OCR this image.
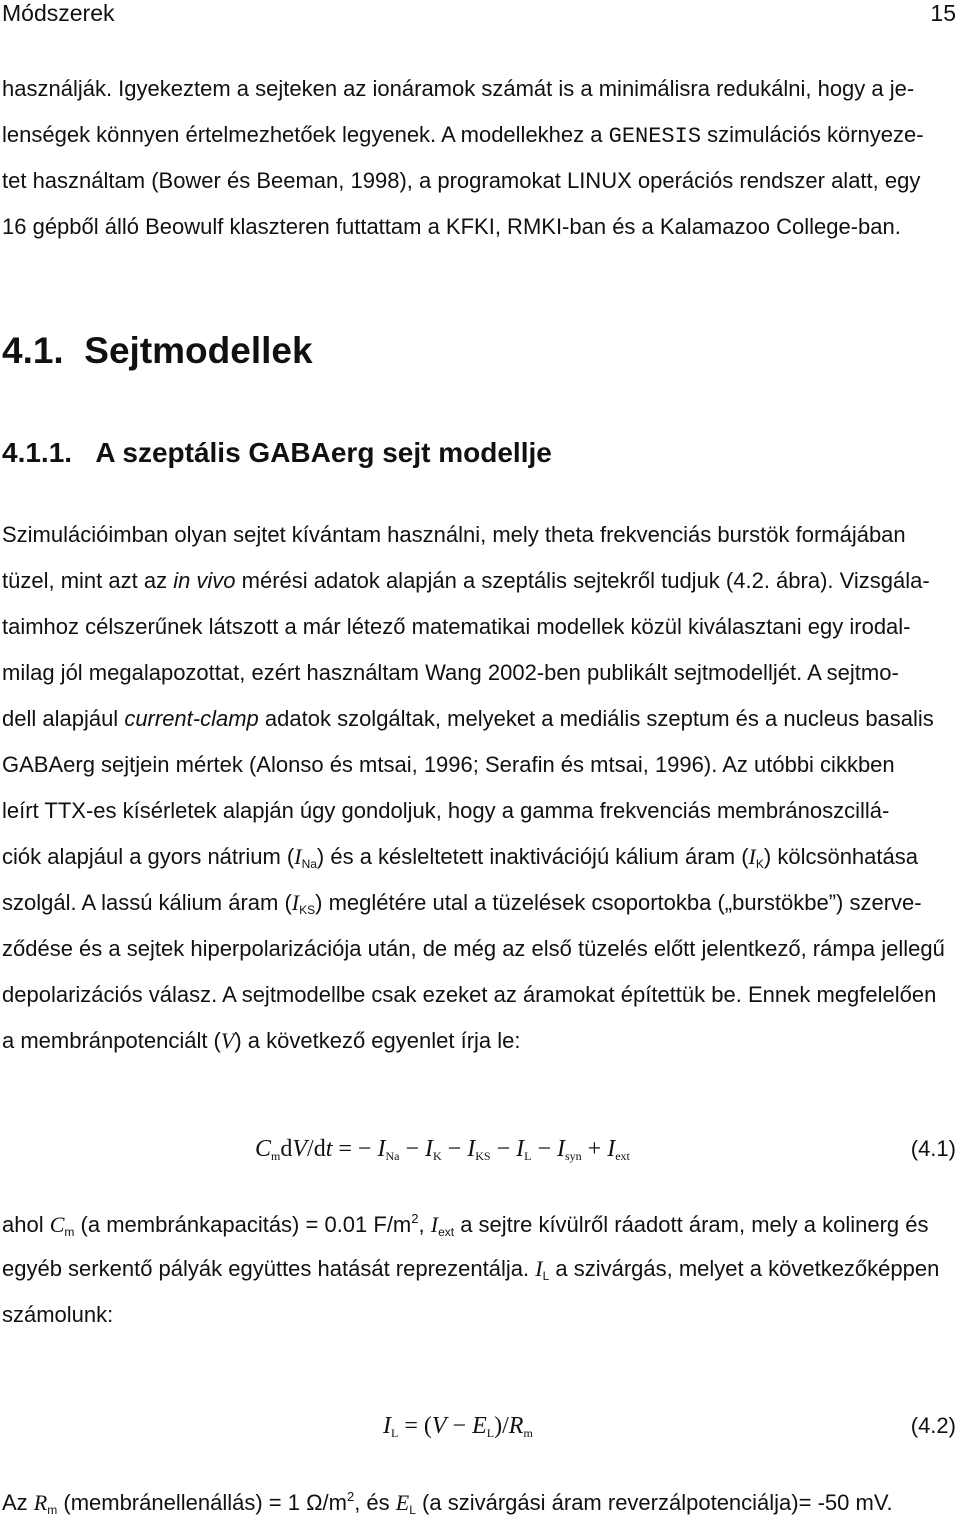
Módszerek	15
használják. Igyekeztem a sejteken az ionáramok számát is a minimálisra redukálni, hogy a je-
lenségek könnyen értelmezhetőek legyenek. A modellekhez a GENESIS szimulációs környeze-
tet használtam (Bower és Beeman, 1998), a programokat LINUX operációs rendszer alatt, egy
16 gépből álló Beowulf klaszteren futtattam a KFKI, RMKI-ban és a Kalamazoo College-ban.
4.1. Sejtmodellek
4.1.1. A szeptális GABAerg sejt modellje
Szimulációimban olyan sejtet kívántam használni, mely theta frekvenciás burstök formájában
tüzel, mint azt az in vivo mérési adatok alapján a szeptális sejtekről tudjuk (4.2. ábra). Vizsgála-
taimhoz célszerűnek látszott a már létező matematikai modellek közül kiválasztani egy irodal-
milag jól megalapozottat, ezért használtam Wang 2002-ben publikált sejtmodelljét. A sejtmo-
dell alapjául current-clamp adatok szolgáltak, melyeket a mediális szeptum és a nucleus basalis
GABAerg sejtjein mértek (Alonso és mtsai, 1996; Serafin és mtsai, 1996). Az utóbbi cikkben
leírt TTX-es kísérletek alapján úgy gondoljuk, hogy a gamma frekvenciás membránoszcillá-
ciók alapjául a gyors nátrium $(I_{Na})$ és a késleltetett inaktivációjú kálium áram $(I_K)$ kölcsönhatása
szolgál. A lassú kálium áram $(I_{KS})$ meglétére utal a tüzelések csoportokba („burstökbe”) szerve-
ződése és a sejtek hiperpolarizációja után, de még az első tüzelés előtt jelentkező, rámpa jellegű
depolarizációs válasz. A sejtmodellbe csak ezeket az áramokat építettük be. Ennek megfelelően
a membránpotenciált (V) a következő egyenlet írja le:
$C_mdV/dt$ = − $I_{Na} - I_K - I_{KS} - I_L - I_{syn} + I_{ext}$	(4.1)
ahol $C_m$ (a membránkapacitás) = 0.01 $F/m^2$, $I_{ext}$ a sejtre kívülről ráadott áram, mely a kolinerg és
egyéb serkentő pályák együttes hatását reprezentálja. $I_L$ a szivárgás, melyet a következőképpen
számolunk:
$I_L = (V - E_L)/R_m$	(4.2)
Az $R_m$ (membránellenállás) = 1 $\Omega/m^2$, és $E_L$ (a szivárgási áram reverzálpotenciálja)= -50 mV.
